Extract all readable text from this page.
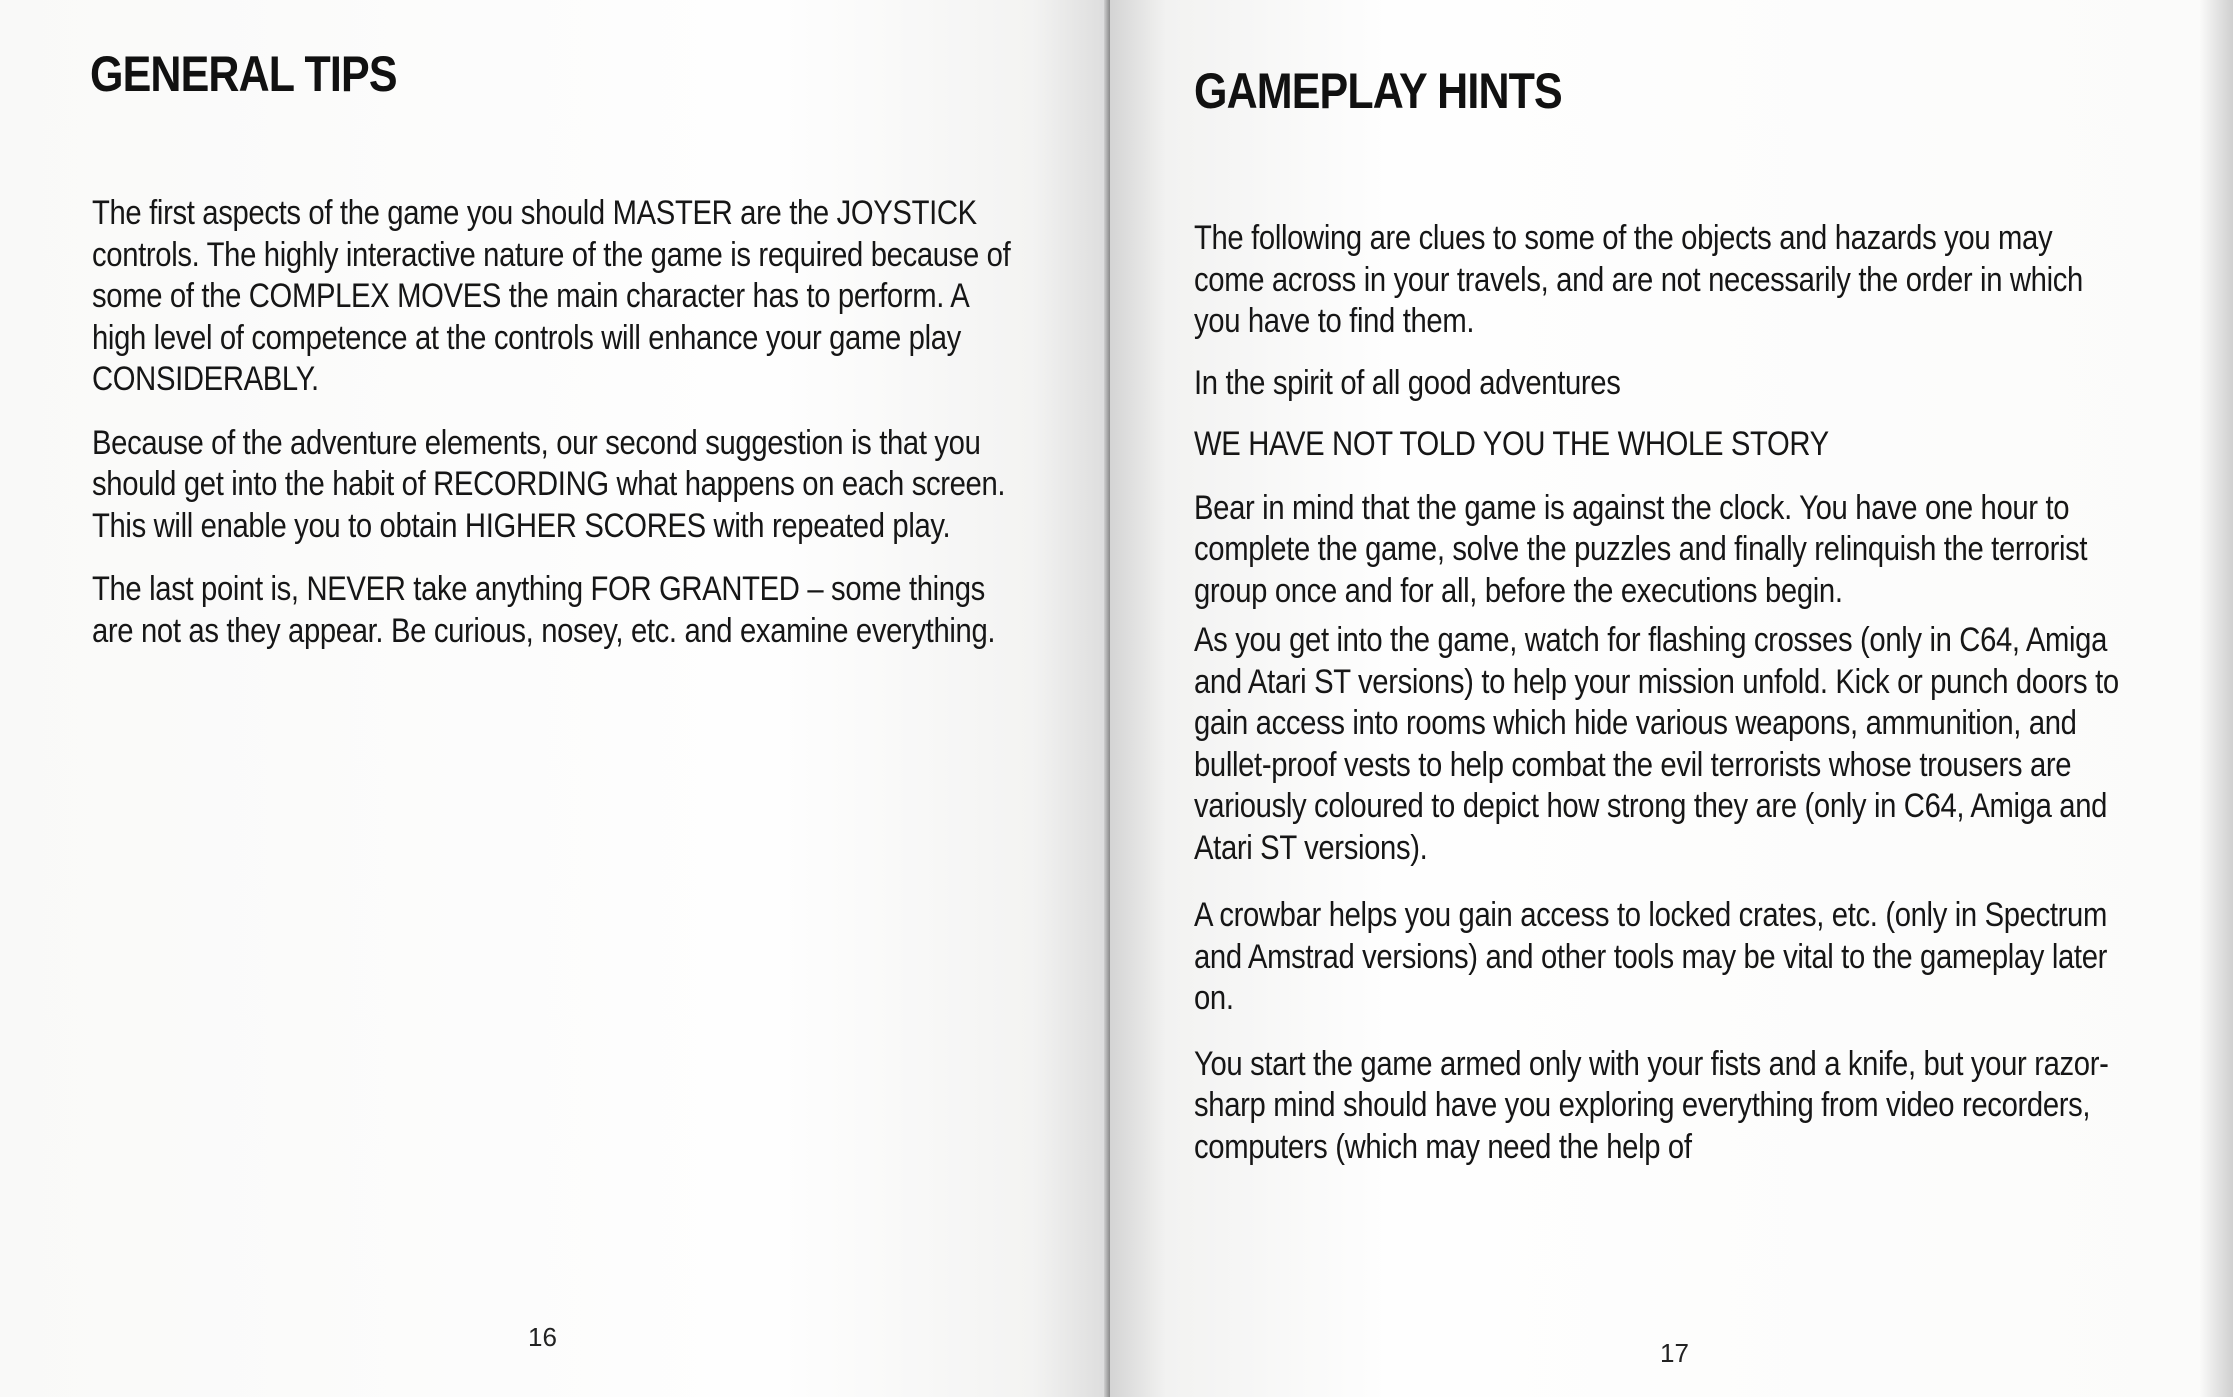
GENERAL TIPS

The first aspects of the game you should MASTER are the JOYSTICK controls. The highly interactive nature of the game is required because of some of the COMPLEX MOVES the main character has to perform. A high level of competence at the controls will enhance your game play CONSIDERABLY.

Because of the adventure elements, our second suggestion is that you should get into the habit of RECORDING what happens on each screen. This will enable you to obtain HIGHER SCORES with repeated play.

The last point is, NEVER take anything FOR GRANTED – some things are not as they appear. Be curious, nosey, etc. and examine everything.

16
GAMEPLAY HINTS

The following are clues to some of the objects and hazards you may come across in your travels, and are not necessarily the order in which you have to find them.

In the spirit of all good adventures

WE HAVE NOT TOLD YOU THE WHOLE STORY

Bear in mind that the game is against the clock. You have one hour to complete the game, solve the puzzles and finally relinquish the terrorist group once and for all, before the executions begin.

As you get into the game, watch for flashing crosses (only in C64, Amiga and Atari ST versions) to help your mission unfold. Kick or punch doors to gain access into rooms which hide various weapons, ammunition, and bullet-proof vests to help combat the evil terrorists whose trousers are variously coloured to depict how strong they are (only in C64, Amiga and Atari ST versions).

A crowbar helps you gain access to locked crates, etc. (only in Spectrum and Amstrad versions) and other tools may be vital to the gameplay later on.

You start the game armed only with your fists and a knife, but your razor-sharp mind should have you exploring everything from video recorders, computers (which may need the help of

17
